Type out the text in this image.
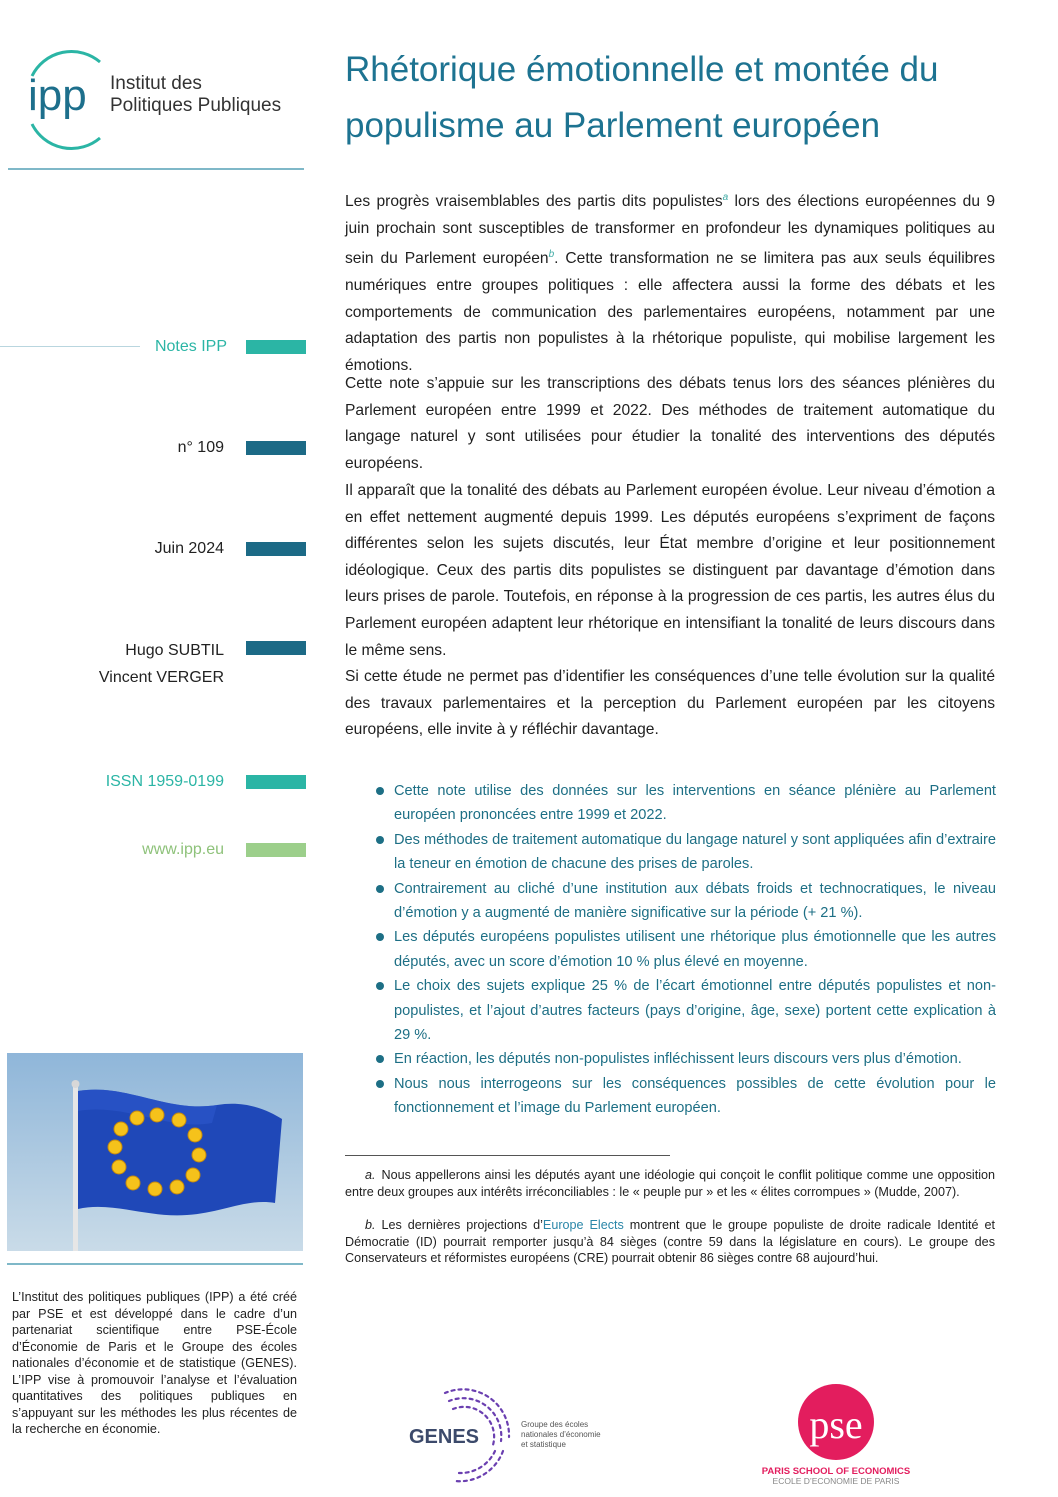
ipp Institut des
Politiques Publiques
Notes IPP
n° 109
Juin 2024
Hugo SUBTIL
Vincent VERGER
ISSN 1959-0199
www.ipp.eu
L’Institut des politiques publiques (IPP) a été créé par PSE et est développé dans le cadre d’un partenariat scientifique entre PSE-École d’Économie de Paris et le Groupe des écoles nationales d’économie et de statistique (GENES). L’IPP vise à promouvoir l’analyse et l’évaluation quantitatives des politiques publiques en s’appuyant sur les méthodes les plus récentes de la recherche en économie.
Rhétorique émotionnelle et montée du populisme au Parlement européen

Les progrès vraisemblables des partis dits populistes$^a$ lors des élections européennes du 9 juin prochain sont susceptibles de transformer en profondeur les dynamiques politiques au sein du Parlement européen$^b$. Cette transformation ne se limitera pas aux seuls équilibres numériques entre groupes politiques : elle affectera aussi la forme des débats et les comportements de communication des parlementaires européens, notamment par une adaptation des partis non populistes à la rhétorique populiste, qui mobilise largement les émotions.

Cette note s’appuie sur les transcriptions des débats tenus lors des séances plénières du Parlement européen entre 1999 et 2022. Des méthodes de traitement automatique du langage naturel y sont utilisées pour étudier la tonalité des interventions des députés européens.

Il apparaît que la tonalité des débats au Parlement européen évolue. Leur niveau d’émotion a en effet nettement augmenté depuis 1999. Les députés européens s’expriment de façons différentes selon les sujets discutés, leur État membre d’origine et leur positionnement idéologique. Ceux des partis dits populistes se distinguent par davantage d’émotion dans leurs prises de parole. Toutefois, en réponse à la progression de ces partis, les autres élus du Parlement européen adaptent leur rhétorique en intensifiant la tonalité de leurs discours dans le même sens.

Si cette étude ne permet pas d’identifier les conséquences d’une telle évolution sur la qualité des travaux parlementaires et la perception du Parlement européen par les citoyens européens, elle invite à y réfléchir davantage.

Cette note utilise des données sur les interventions en séance plénière au Parlement européen prononcées entre 1999 et 2022.
Des méthodes de traitement automatique du langage naturel y sont appliquées afin d’extraire la teneur en émotion de chacune des prises de paroles.
Contrairement au cliché d’une institution aux débats froids et technocratiques, le niveau d’émotion y a augmenté de manière significative sur la période (+ 21 %).
Les députés européens populistes utilisent une rhétorique plus émotionnelle que les autres députés, avec un score d’émotion 10 % plus élevé en moyenne.
Le choix des sujets explique 25 % de l’écart émotionnel entre députés populistes et non-populistes, et l’ajout d’autres facteurs (pays d’origine, âge, sexe) portent cette explication à 29 %.
En réaction, les députés non-populistes infléchissent leurs discours vers plus d’émotion.
Nous nous interrogeons sur les conséquences possibles de cette évolution pour le fonctionnement et l’image du Parlement européen.
a. Nous appellerons ainsi les députés ayant une idéologie qui conçoit le conflit politique comme une opposition entre deux groupes aux intérêts irréconciliables : le « peuple pur » et les « élites corrompues » (Mudde, 2007).
b. Les dernières projections d’Europe Elects montrent que le groupe populiste de droite radicale Identité et Démocratie (ID) pourrait remporter jusqu’à 84 sièges (contre 59 dans la législature en cours). Le groupe des Conservateurs et réformistes européens (CRE) pourrait obtenir 86 sièges contre 68 aujourd’hui.
GENES
Groupe des écoles
nationales d’économie
et statistique	pse
PARIS SCHOOL OF ECONOMICS
ECOLE D’ECONOMIE DE PARIS
